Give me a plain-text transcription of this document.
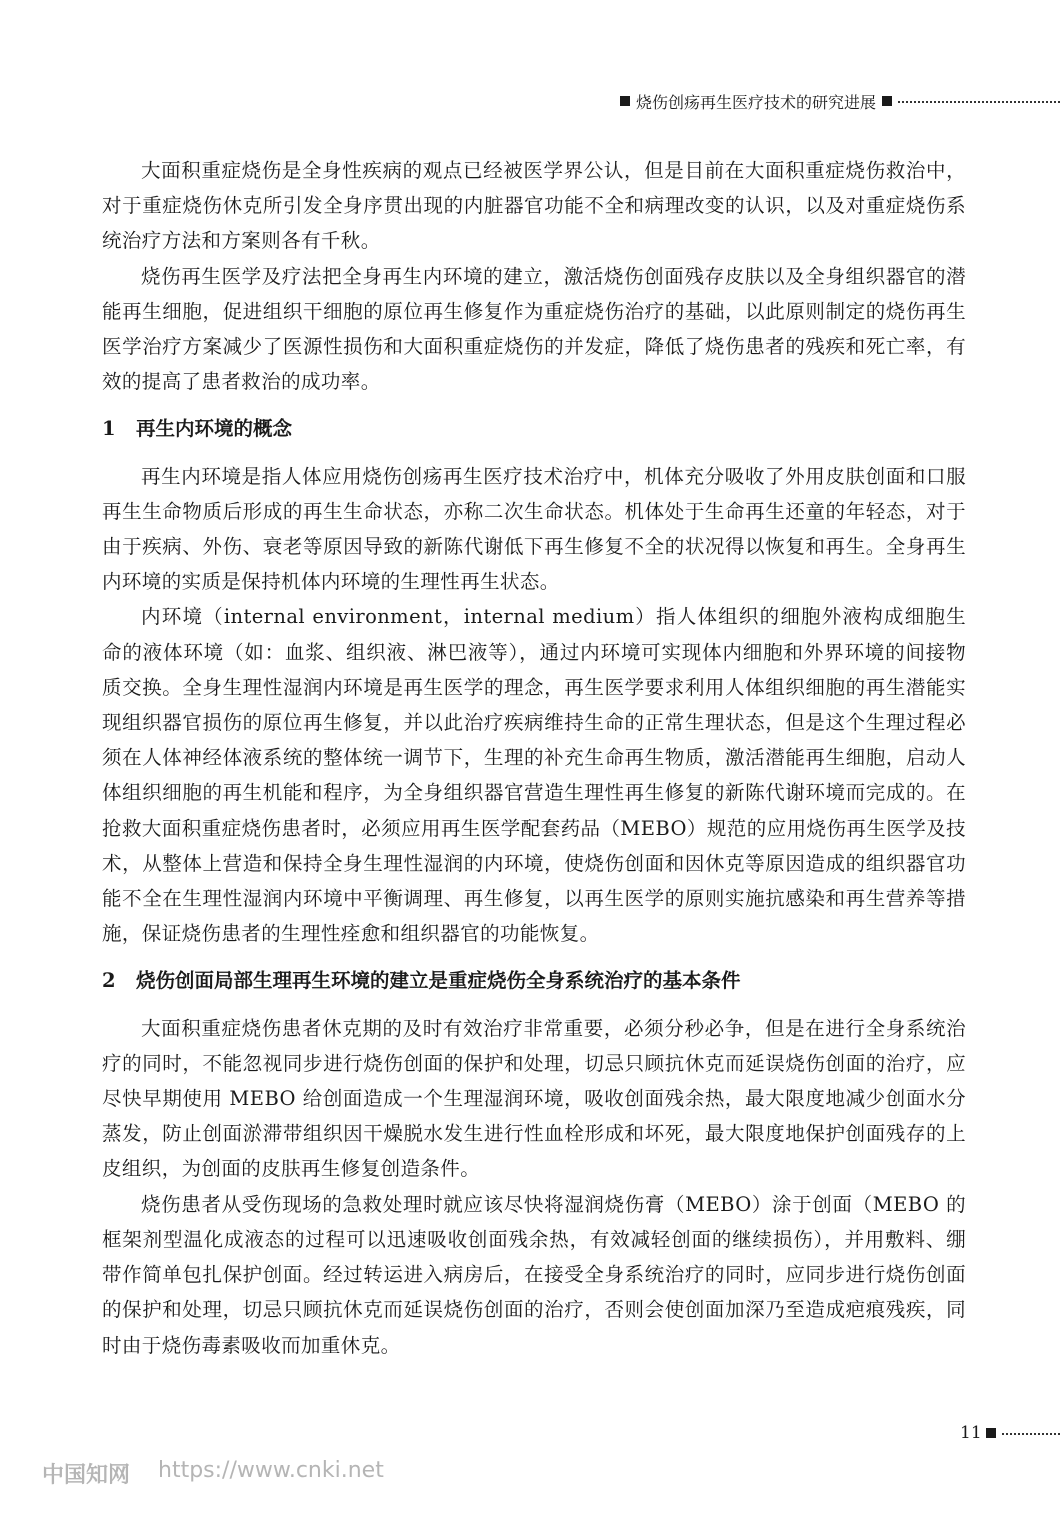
烧伤创疡再生医疗技术的研究进展

大面积重症烧伤是全身性疾病的观点已经被医学界公认，但是目前在大面积重症烧伤救治中，对于重症烧伤休克所引发全身序贯出现的内脏器官功能不全和病理改变的认识，以及对重症烧伤系统治疗方法和方案则各有千秋。

烧伤再生医学及疗法把全身再生内环境的建立，激活烧伤创面残存皮肤以及全身组织器官的潜能再生细胞，促进组织干细胞的原位再生修复作为重症烧伤治疗的基础，以此原则制定的烧伤再生医学治疗方案减少了医源性损伤和大面积重症烧伤的并发症，降低了烧伤患者的残疾和死亡率，有效的提高了患者救治的成功率。

1 再生内环境的概念

再生内环境是指人体应用烧伤创疡再生医疗技术治疗中，机体充分吸收了外用皮肤创面和口服再生生命物质后形成的再生生命状态，亦称二次生命状态。机体处于生命再生还童的年轻态，对于由于疾病、外伤、衰老等原因导致的新陈代谢低下再生修复不全的状况得以恢复和再生。全身再生内环境的实质是保持机体内环境的生理性再生状态。

内环境（internal environment，internal medium）指人体组织的细胞外液构成细胞生命的液体环境（如：血浆、组织液、淋巴液等），通过内环境可实现体内细胞和外界环境的间接物质交换。全身生理性湿润内环境是再生医学的理念，再生医学要求利用人体组织细胞的再生潜能实现组织器官损伤的原位再生修复，并以此治疗疾病维持生命的正常生理状态，但是这个生理过程必须在人体神经体液系统的整体统一调节下，生理的补充生命再生物质，激活潜能再生细胞，启动人体组织细胞的再生机能和程序，为全身组织器官营造生理性再生修复的新陈代谢环境而完成的。在抢救大面积重症烧伤患者时，必须应用再生医学配套药品（MEBO）规范的应用烧伤再生医学及技术，从整体上营造和保持全身生理性湿润的内环境，使烧伤创面和因休克等原因造成的组织器官功能不全在生理性湿润内环境中平衡调理、再生修复，以再生医学的原则实施抗感染和再生营养等措施，保证烧伤患者的生理性痊愈和组织器官的功能恢复。

2 烧伤创面局部生理再生环境的建立是重症烧伤全身系统治疗的基本条件

大面积重症烧伤患者休克期的及时有效治疗非常重要，必须分秒必争，但是在进行全身系统治疗的同时，不能忽视同步进行烧伤创面的保护和处理，切忌只顾抗休克而延误烧伤创面的治疗，应尽快早期使用 MEBO 给创面造成一个生理湿润环境，吸收创面残余热，最大限度地减少创面水分蒸发，防止创面淤滞带组织因干燥脱水发生进行性血栓形成和坏死，最大限度地保护创面残存的上皮组织，为创面的皮肤再生修复创造条件。

烧伤患者从受伤现场的急救处理时就应该尽快将湿润烧伤膏（MEBO）涂于创面（MEBO 的框架剂型温化成液态的过程可以迅速吸收创面残余热，有效减轻创面的继续损伤），并用敷料、绷带作简单包扎保护创面。经过转运进入病房后，在接受全身系统治疗的同时，应同步进行烧伤创面的保护和处理，切忌只顾抗休克而延误烧伤创面的治疗，否则会使创面加深乃至造成疤痕残疾，同时由于烧伤毒素吸收而加重休克。

11
中国知网 https://www.cnki.net
